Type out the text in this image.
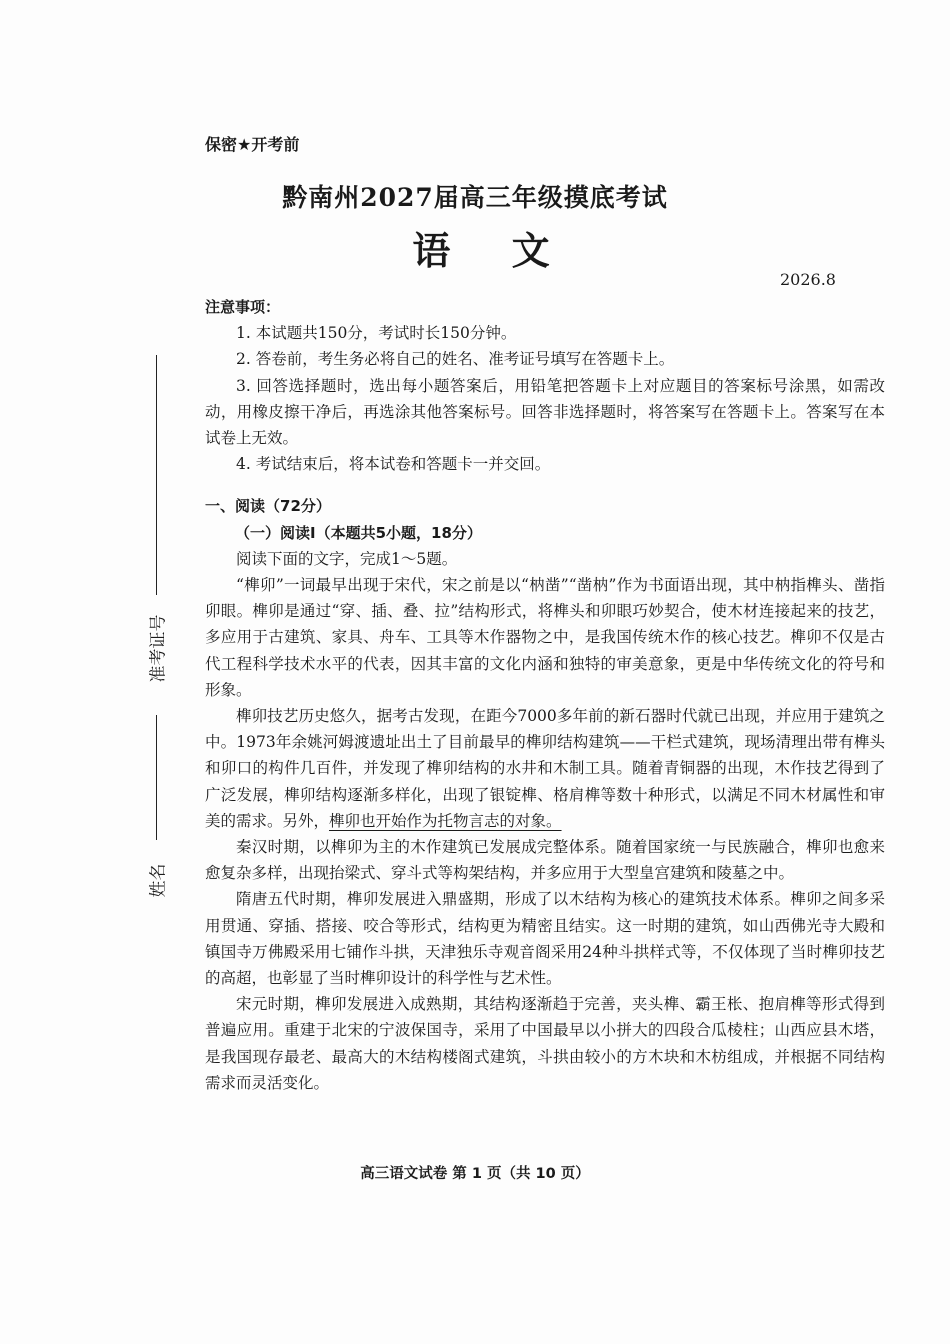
准考证号
姓名
保密★开考前
黔南州2027届高三年级摸底考试
语 文
2026.8

注意事项：

1. 本试题共150分，考试时长150分钟。

2. 答卷前，考生务必将自己的姓名、准考证号填写在答题卡上。

3. 回答选择题时，选出每小题答案后，用铅笔把答题卡上对应题目的答案标号涂黑，如需改动，用橡皮擦干净后，再选涂其他答案标号。回答非选择题时，将答案写在答题卡上。答案写在本试卷上无效。

4. 考试结束后，将本试卷和答题卡一并交回。

一、阅读（72分）

（一）阅读Ⅰ（本题共5小题，18分）

阅读下面的文字，完成1～5题。

“榫卯”一词最早出现于宋代，宋之前是以“枘凿”“凿枘”作为书面语出现，其中枘指榫头、凿指卯眼。榫卯是通过“穿、插、叠、拉”结构形式，将榫头和卯眼巧妙契合，使木材连接起来的技艺，多应用于古建筑、家具、舟车、工具等木作器物之中，是我国传统木作的核心技艺。榫卯不仅是古代工程科学技术水平的代表，因其丰富的文化内涵和独特的审美意象，更是中华传统文化的符号和形象。

榫卯技艺历史悠久，据考古发现，在距今7000多年前的新石器时代就已出现，并应用于建筑之中。1973年余姚河姆渡遗址出土了目前最早的榫卯结构建筑——干栏式建筑，现场清理出带有榫头和卯口的构件几百件，并发现了榫卯结构的水井和木制工具。随着青铜器的出现，木作技艺得到了广泛发展，榫卯结构逐渐多样化，出现了银锭榫、格肩榫等数十种形式，以满足不同木材属性和审美的需求。另外，榫卯也开始作为托物言志的对象。

秦汉时期，以榫卯为主的木作建筑已发展成完整体系。随着国家统一与民族融合，榫卯也愈来愈复杂多样，出现抬梁式、穿斗式等构架结构，并多应用于大型皇宫建筑和陵墓之中。

隋唐五代时期，榫卯发展进入鼎盛期，形成了以木结构为核心的建筑技术体系。榫卯之间多采用贯通、穿插、搭接、咬合等形式，结构更为精密且结实。这一时期的建筑，如山西佛光寺大殿和镇国寺万佛殿采用七铺作斗拱，天津独乐寺观音阁采用24种斗拱样式等，不仅体现了当时榫卯技艺的高超，也彰显了当时榫卯设计的科学性与艺术性。

宋元时期，榫卯发展进入成熟期，其结构逐渐趋于完善，夹头榫、霸王枨、抱肩榫等形式得到普遍应用。重建于北宋的宁波保国寺，采用了中国最早以小拼大的四段合瓜棱柱；山西应县木塔，是我国现存最老、最高大的木结构楼阁式建筑，斗拱由较小的方木块和木枋组成，并根据不同结构需求而灵活变化。

高三语文试卷 第 1 页（共 10 页）
